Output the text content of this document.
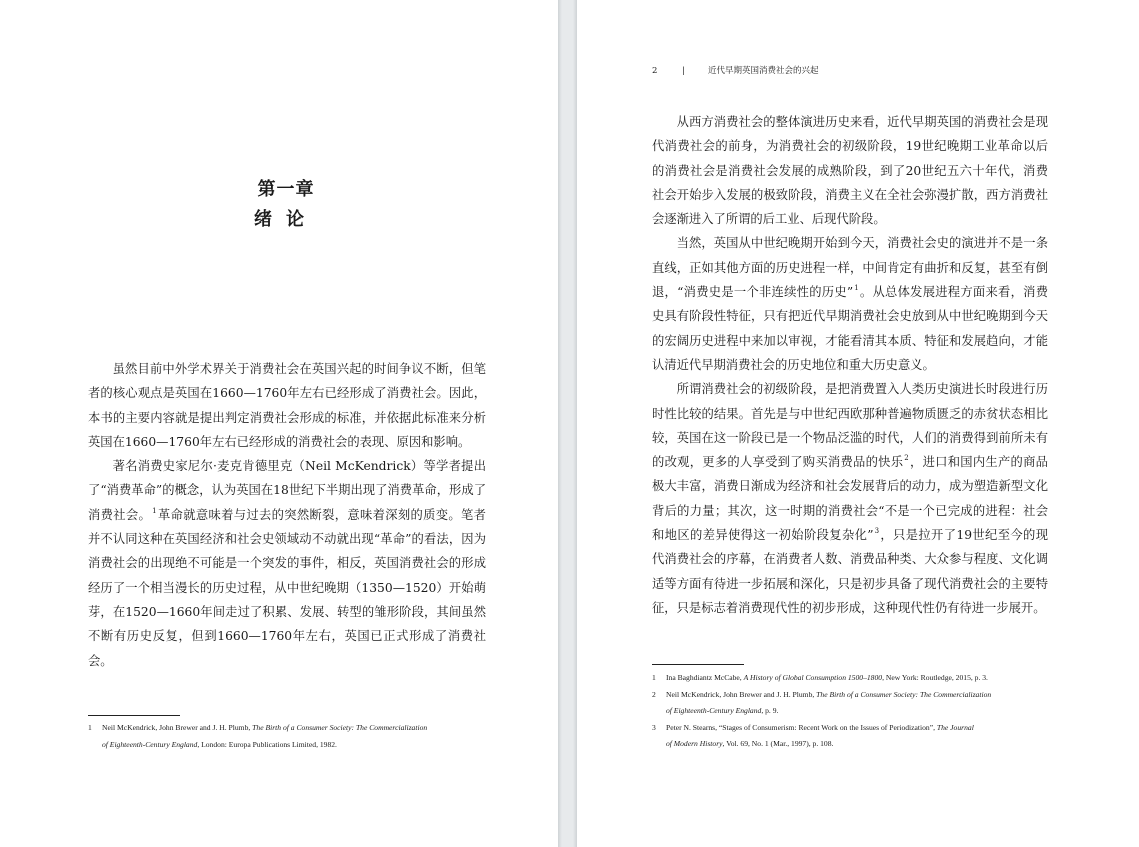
第一章
绪论

虽然目前中外学术界关于消费社会在英国兴起的时间争议不断，但笔者的核心观点是英国在1660—1760年左右已经形成了消费社会。因此，本书的主要内容就是提出判定消费社会形成的标准，并依据此标准来分析英国在1660—1760年左右已经形成的消费社会的表现、原因和影响。

著名消费史家尼尔·麦克肯德里克（Neil McKendrick）等学者提出了“消费革命”的概念，认为英国在18世纪下半期出现了消费革命，形成了消费社会。$^1$革命就意味着与过去的突然断裂，意味着深刻的质变。笔者并不认同这种在英国经济和社会史领域动不动就出现“革命”的看法，因为消费社会的出现绝不可能是一个突发的事件，相反，英国消费社会的形成经历了一个相当漫长的历史过程，从中世纪晚期（1350—1520）开始萌芽，在1520—1660年间走过了积累、发展、转型的雏形阶段，其间虽然不断有历史反复，但到1660—1760年左右，英国已正式形成了消费社会。

1 Neil McKendrick, John Brewer and J. H. Plumb, The Birth of a Consumer Society: The Commercialization
of Eighteenth-Century England, London: Europa Publications Limited, 1982.
2	|	近代早期英国消费社会的兴起

从西方消费社会的整体演进历史来看，近代早期英国的消费社会是现代消费社会的前身，为消费社会的初级阶段，19世纪晚期工业革命以后的消费社会是消费社会发展的成熟阶段，到了20世纪五六十年代，消费社会开始步入发展的极致阶段，消费主义在全社会弥漫扩散，西方消费社会逐渐进入了所谓的后工业、后现代阶段。

当然，英国从中世纪晚期开始到今天，消费社会史的演进并不是一条直线，正如其他方面的历史进程一样，中间肯定有曲折和反复，甚至有倒退，“消费史是一个非连续性的历史”$^1$。从总体发展进程方面来看，消费史具有阶段性特征，只有把近代早期消费社会史放到从中世纪晚期到今天的宏阔历史进程中来加以审视，才能看清其本质、特征和发展趋向，才能认清近代早期消费社会的历史地位和重大历史意义。

所谓消费社会的初级阶段，是把消费置入人类历史演进长时段进行历时性比较的结果。首先是与中世纪西欧那种普遍物质匮乏的赤贫状态相比较，英国在这一阶段已是一个物品泛滥的时代，人们的消费得到前所未有的改观，更多的人享受到了购买消费品的快乐$^2$，进口和国内生产的商品极大丰富，消费日渐成为经济和社会发展背后的动力，成为塑造新型文化背后的力量；其次，这一时期的消费社会“不是一个已完成的进程：社会和地区的差异使得这一初始阶段复杂化”$^3$，只是拉开了19世纪至今的现代消费社会的序幕，在消费者人数、消费品种类、大众参与程度、文化调适等方面有待进一步拓展和深化，只是初步具备了现代消费社会的主要特征，只是标志着消费现代性的初步形成，这种现代性仍有待进一步展开。

1 Ina Baghdiantz McCabe, A History of Global Consumption 1500–1800, New York: Routledge, 2015, p. 3.
2 Neil McKendrick, John Brewer and J. H. Plumb, The Birth of a Consumer Society: The Commercialization
of Eighteenth-Century England, p. 9.
3 Peter N. Stearns, “Stages of Consumerism: Recent Work on the Issues of Periodization”, The Journal
of Modern History, Vol. 69, No. 1 (Mar., 1997), p. 108.
